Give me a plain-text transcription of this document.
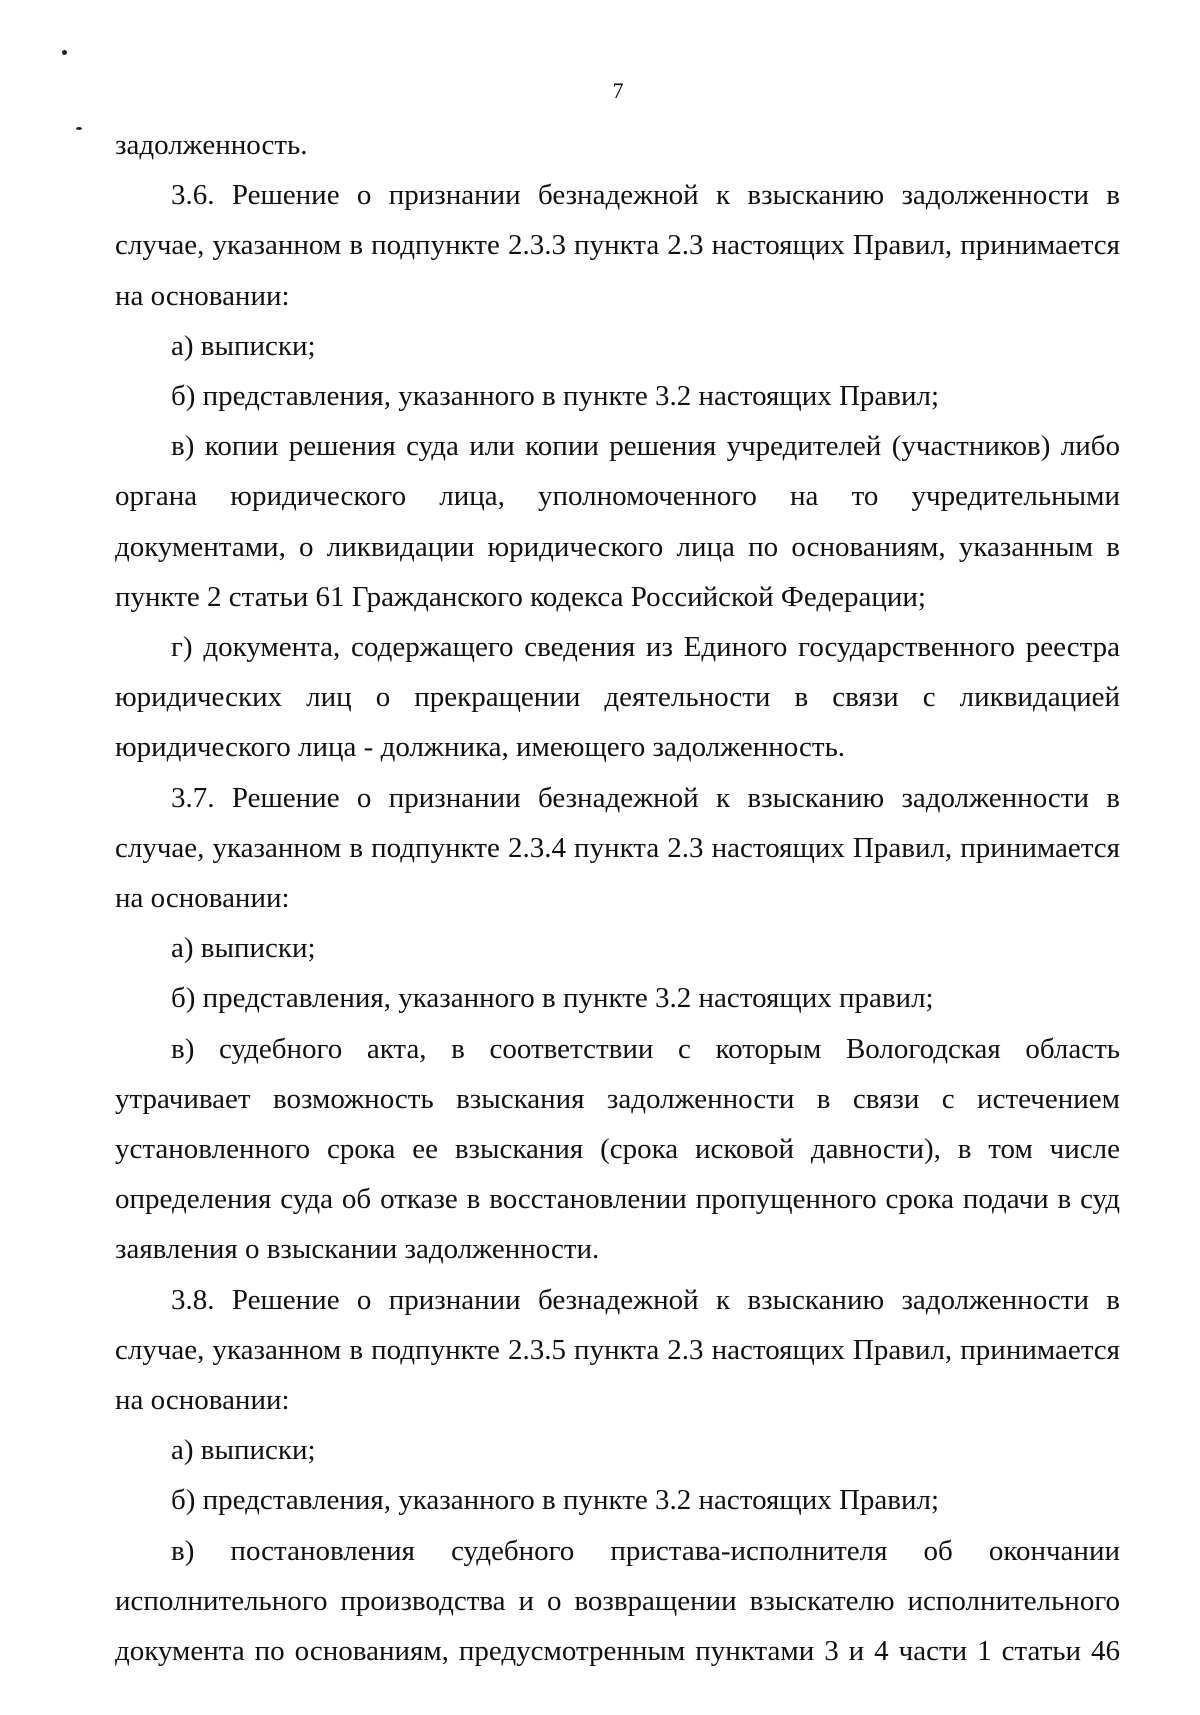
7

задолженность.

3.6. Решение о признании безнадежной к взысканию задолженности в случае, указанном в подпункте 2.3.3 пункта 2.3 настоящих Правил, принимается на основании:

а) выписки;

б) представления, указанного в пункте 3.2 настоящих Правил;

в) копии решения суда или копии решения учредителей (участников) либо органа юридического лица, уполномоченного на то учредительными документами, о ликвидации юридического лица по основаниям, указанным в пункте 2 статьи 61 Гражданского кодекса Российской Федерации;

г) документа, содержащего сведения из Единого государственного реестра юридических лиц о прекращении деятельности в связи с ликвидацией юридического лица - должника, имеющего задолженность.

3.7. Решение о признании безнадежной к взысканию задолженности в случае, указанном в подпункте 2.3.4 пункта 2.3 настоящих Правил, принимается на основании:

а) выписки;

б) представления, указанного в пункте 3.2 настоящих правил;

в) судебного акта, в соответствии с которым Вологодская область утрачивает возможность взыскания задолженности в связи с истечением установленного срока ее взыскания (срока исковой давности), в том числе определения суда об отказе в восстановлении пропущенного срока подачи в суд заявления о взыскании задолженности.

3.8. Решение о признании безнадежной к взысканию задолженности в случае, указанном в подпункте 2.3.5 пункта 2.3 настоящих Правил, принимается на основании:

а) выписки;

б) представления, указанного в пункте 3.2 настоящих Правил;

в) постановления судебного пристава-исполнителя об окончании исполнительного производства и о возвращении взыскателю исполнительного документа по основаниям, предусмотренным пунктами 3 и 4 части 1 статьи 46
